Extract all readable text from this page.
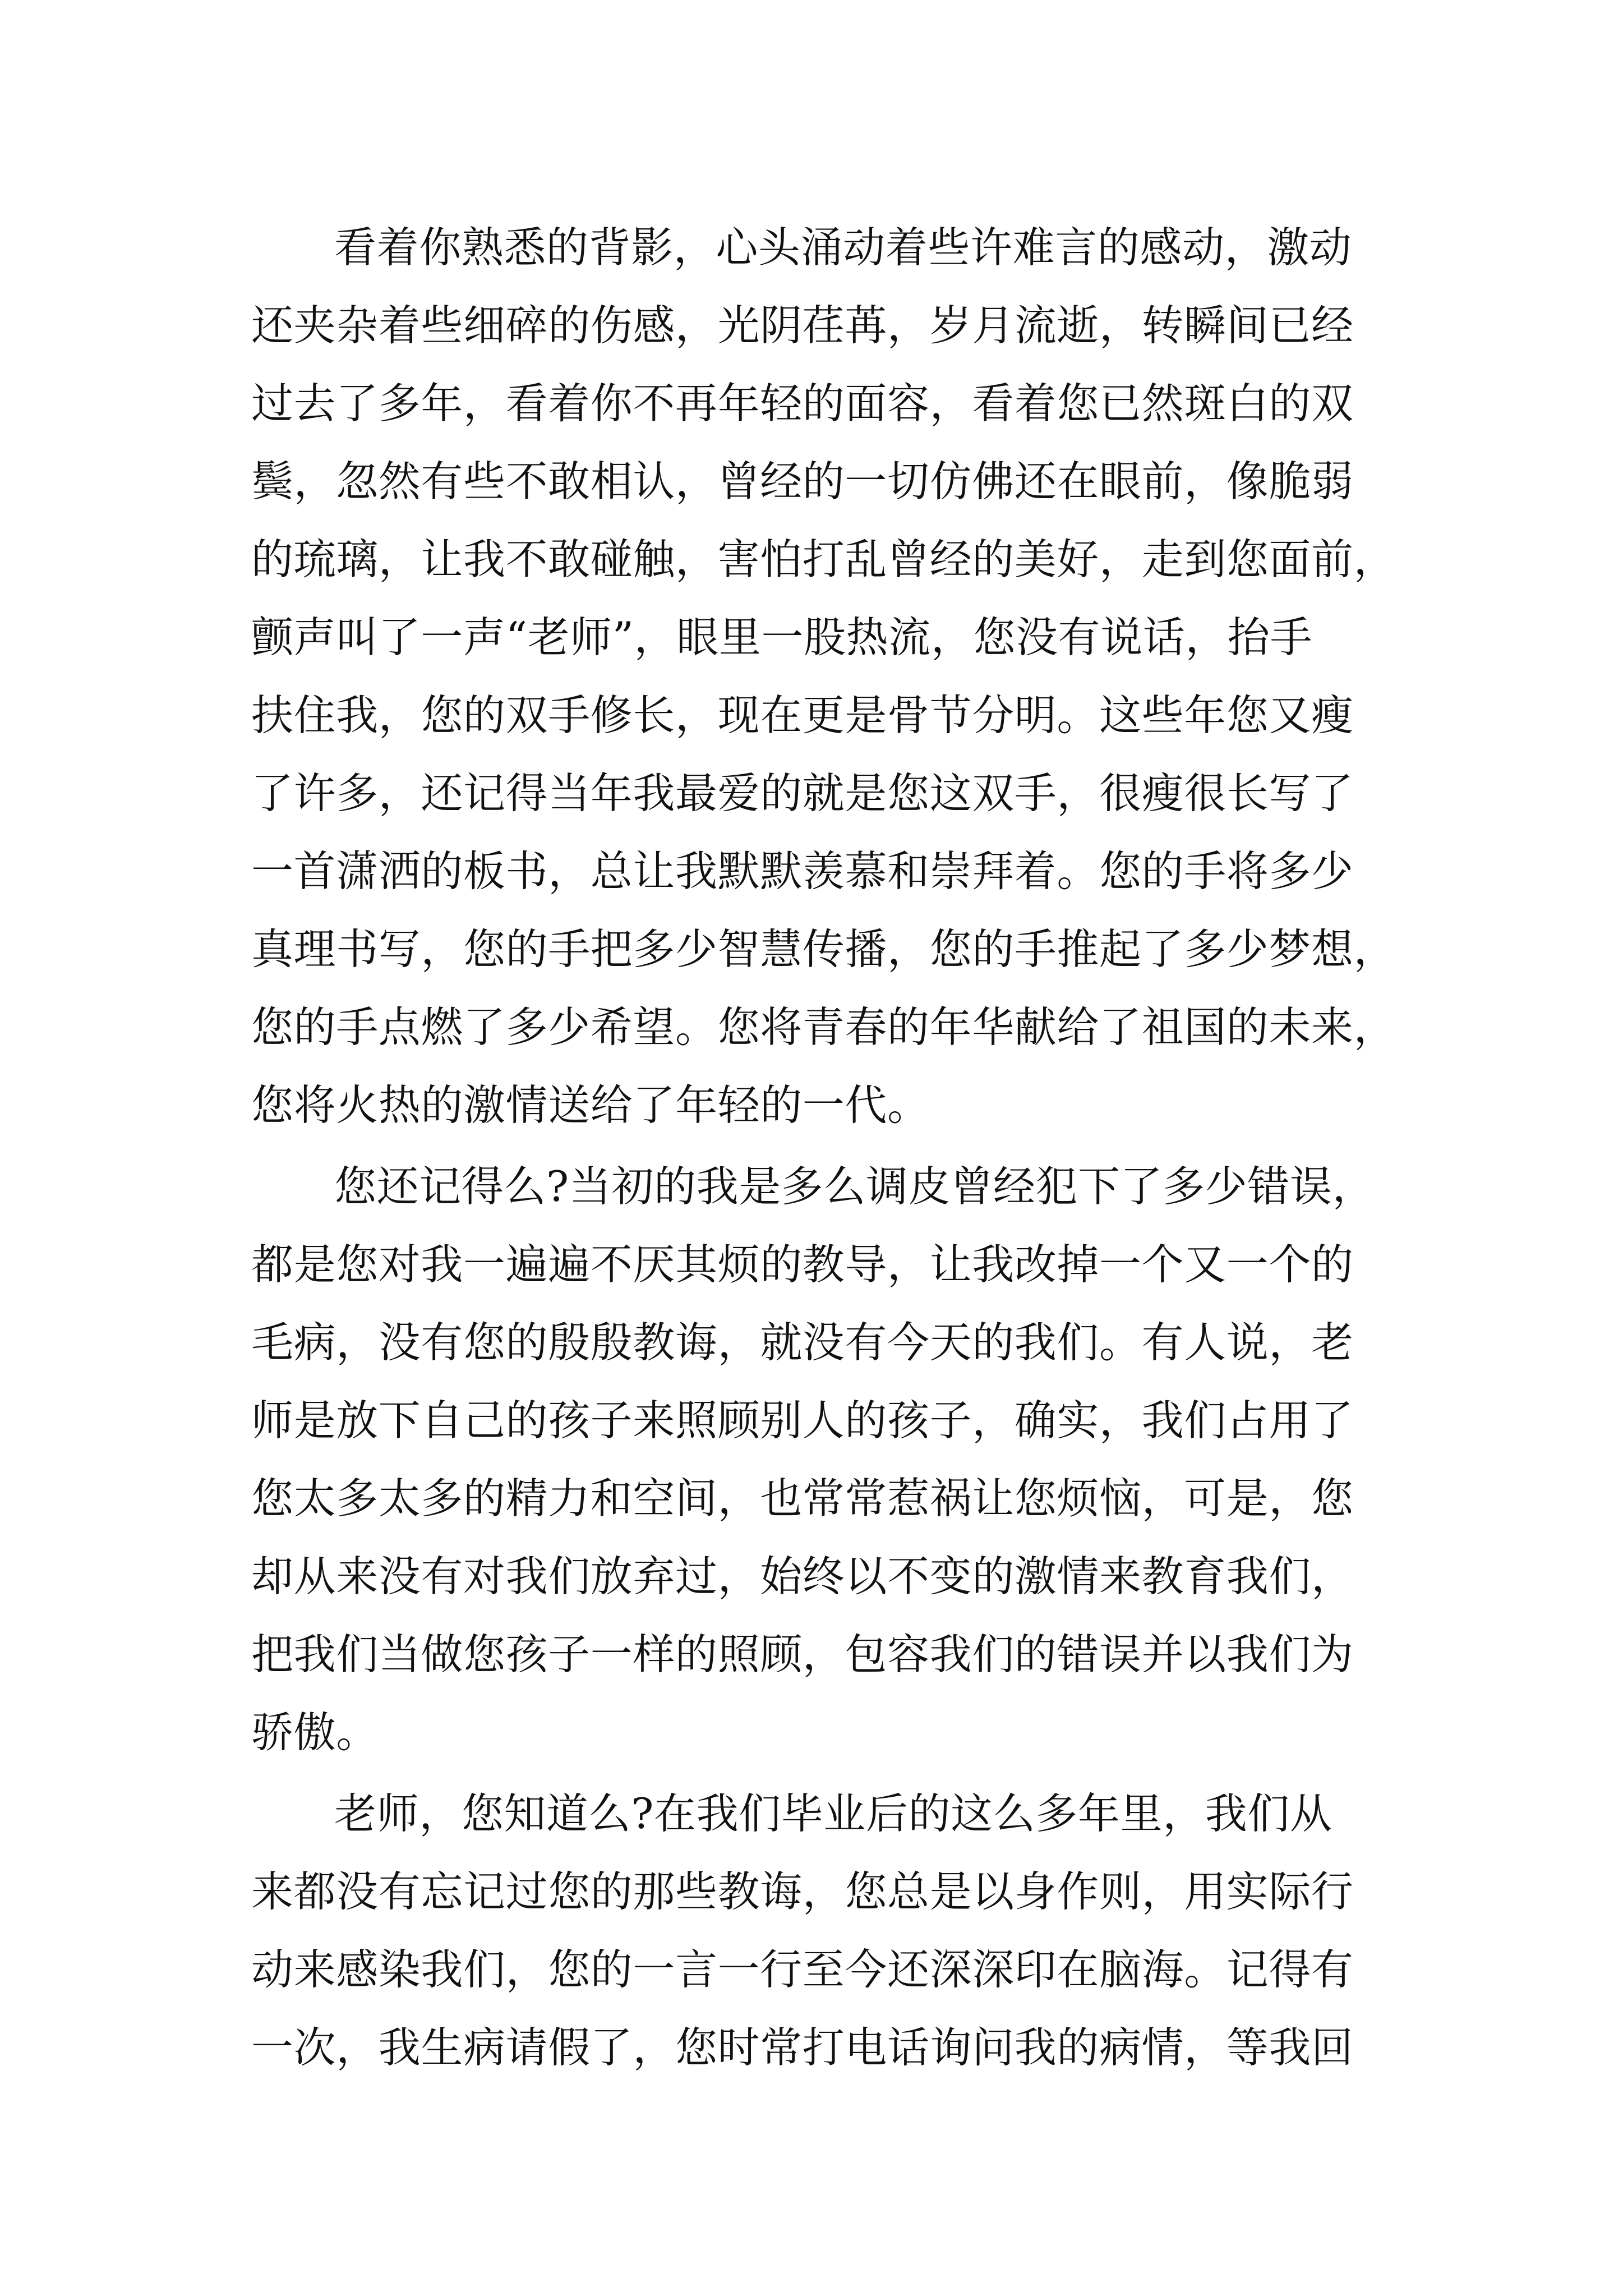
看着你熟悉的背影，心头涌动着些许难言的感动，激动
还夹杂着些细碎的伤感，光阴荏苒，岁月流逝，转瞬间已经
过去了多年，看着你不再年轻的面容，看着您已然斑白的双
鬓，忽然有些不敢相认，曾经的一切仿佛还在眼前，像脆弱
的琉璃，让我不敢碰触，害怕打乱曾经的美好，走到您面前，
颤声叫了一声“老师”，眼里一股热流，您没有说话，抬手
扶住我，您的双手修长，现在更是骨节分明。这些年您又瘦
了许多，还记得当年我最爱的就是您这双手，很瘦很长写了
一首潇洒的板书，总让我默默羡慕和崇拜着。您的手将多少
真理书写，您的手把多少智慧传播，您的手推起了多少梦想，
您的手点燃了多少希望。您将青春的年华献给了祖国的未来，
您将火热的激情送给了年轻的一代。
您还记得么?当初的我是多么调皮曾经犯下了多少错误，
都是您对我一遍遍不厌其烦的教导，让我改掉一个又一个的
毛病，没有您的殷殷教诲，就没有今天的我们。有人说，老
师是放下自己的孩子来照顾别人的孩子，确实，我们占用了
您太多太多的精力和空间，也常常惹祸让您烦恼，可是，您
却从来没有对我们放弃过，始终以不变的激情来教育我们，
把我们当做您孩子一样的照顾，包容我们的错误并以我们为
骄傲。
老师，您知道么?在我们毕业后的这么多年里，我们从
来都没有忘记过您的那些教诲，您总是以身作则，用实际行
动来感染我们，您的一言一行至今还深深印在脑海。记得有
一次，我生病请假了，您时常打电话询问我的病情，等我回
